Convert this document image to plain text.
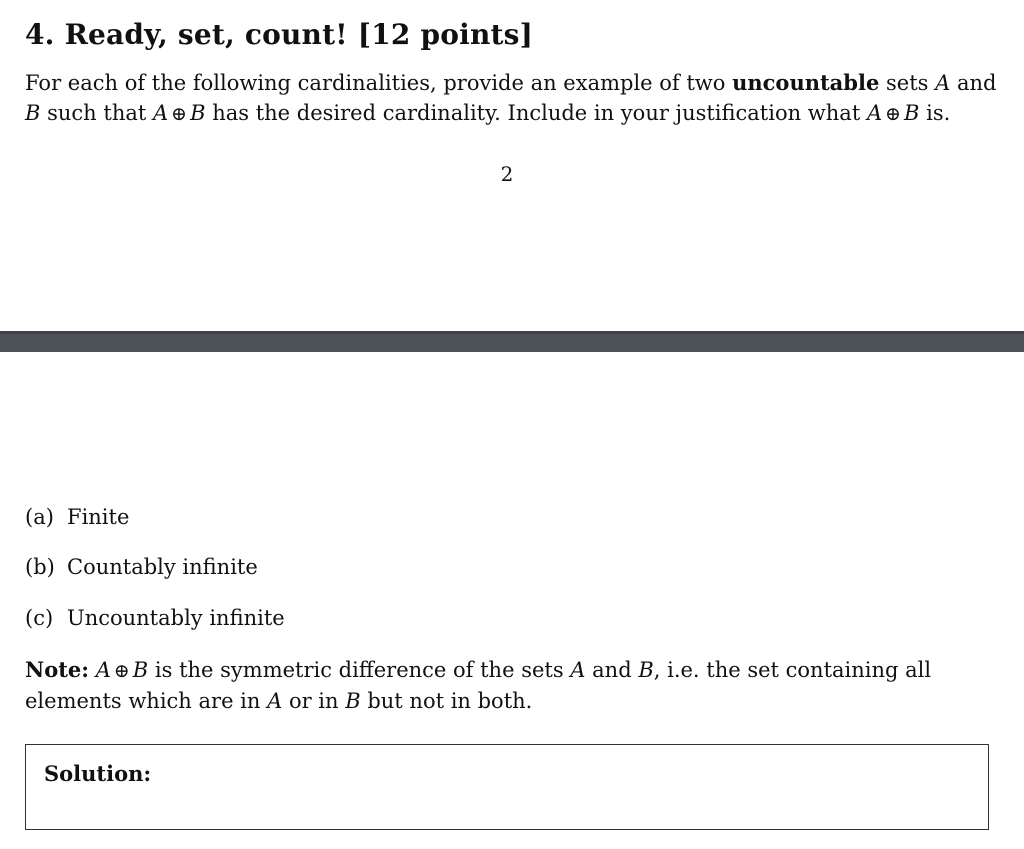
4. Ready, set, count! [12 points]
For each of the following cardinalities, provide an example of two uncountable sets A and
B such that A ⊕ B has the desired cardinality. Include in your justification what A ⊕ B is.
2
(a) Finite
(b) Countably infinite
(c) Uncountably infinite
Note: A ⊕ B is the symmetric difference of the sets A and B, i.e. the set containing all
elements which are in A or in B but not in both.
Solution:
